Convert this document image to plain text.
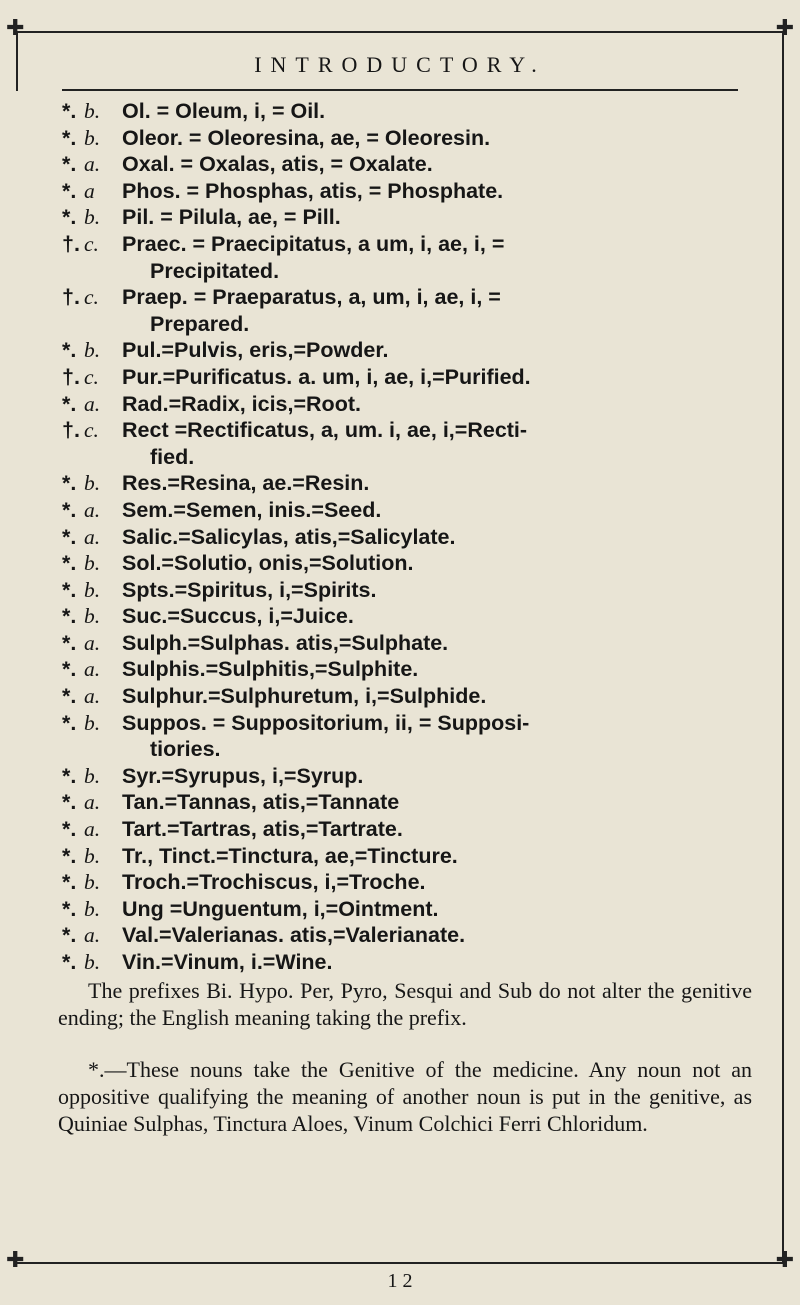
✚	✚
✚	✚
INTRODUCTORY.
*. b. Ol. = Oleum, i, = Oil.
*. b. Oleor. = Oleoresina, ae, = Oleoresin.
*. a. Oxal. = Oxalas, atis, = Oxalate.
*. a Phos. = Phosphas, atis, = Phosphate.
*. b. Pil. = Pilula, ae, = Pill.
†. c. Praec. = Praecipitatus, a um, i, ae, i, =
Precipitated.
†. c. Praep. = Praeparatus, a, um, i, ae, i, =
Prepared.
*. b. Pul.=Pulvis, eris,=Powder.
†. c. Pur.=Purificatus. a. um, i, ae, i,=Purified.
*. a. Rad.=Radix, icis,=Root.
†. c. Rect =Rectificatus, a, um. i, ae, i,=Recti-
fied.
*. b. Res.=Resina, ae.=Resin.
*. a. Sem.=Semen, inis.=Seed.
*. a. Salic.=Salicylas, atis,=Salicylate.
*. b. Sol.=Solutio, onis,=Solution.
*. b. Spts.=Spiritus, i,=Spirits.
*. b. Suc.=Succus, i,=Juice.
*. a. Sulph.=Sulphas. atis,=Sulphate.
*. a. Sulphis.=Sulphitis,=Sulphite.
*. a. Sulphur.=Sulphuretum, i,=Sulphide.
*. b. Suppos. = Suppositorium, ii, = Supposi-
tiories.
*. b. Syr.=Syrupus, i,=Syrup.
*. a. Tan.=Tannas, atis,=Tannate
*. a. Tart.=Tartras, atis,=Tartrate.
*. b. Tr., Tinct.=Tinctura, ae,=Tincture.
*. b. Troch.=Trochiscus, i,=Troche.
*. b. Ung =Unguentum, i,=Ointment.
*. a. Val.=Valerianas. atis,=Valerianate.
*. b. Vin.=Vinum, i.=Wine.

The prefixes Bi. Hypo. Per, Pyro, Sesqui and Sub do not alter the genitive ending; the English meaning taking the prefix.

*.—These nouns take the Genitive of the medicine. Any noun not an oppositive qualifying the meaning of another noun is put in the genitive, as Quiniae Sulphas, Tinctura Aloes, Vinum Colchici Ferri Chloridum.

1 2
